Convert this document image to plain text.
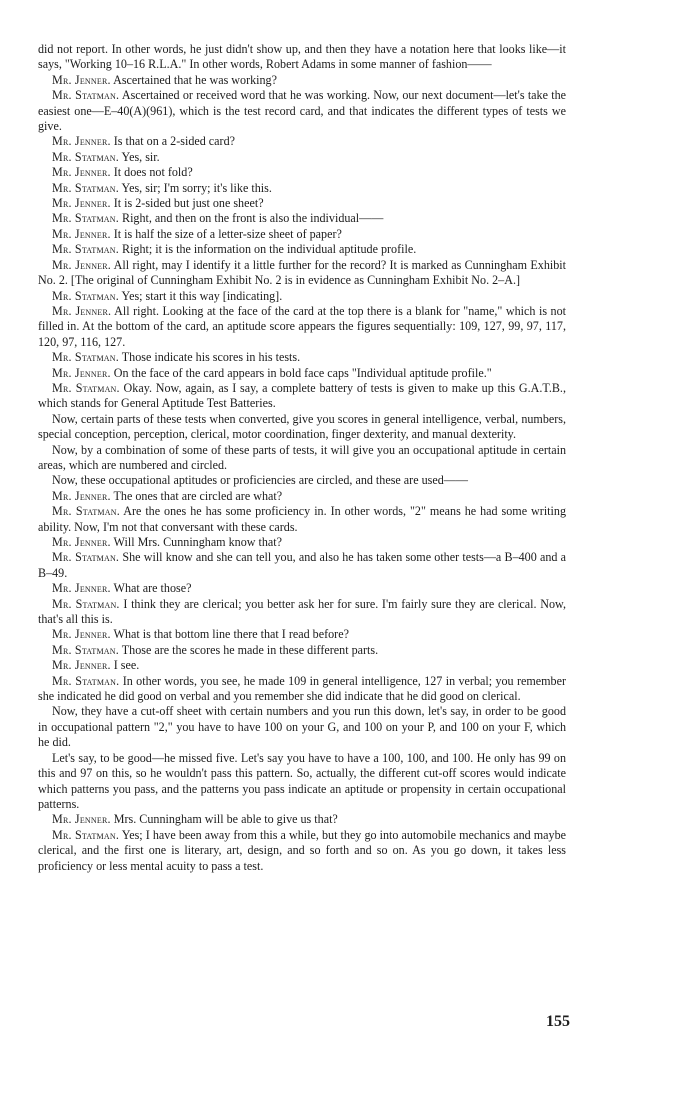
did not report. In other words, he just didn't show up, and then they have a notation here that looks like—it says, "Working 10–16 R.L.A." In other words, Robert Adams in some manner of fashion——

Mr. Jenner. Ascertained that he was working?

Mr. Statman. Ascertained or received word that he was working. Now, our next document—let's take the easiest one—E–40(A)(961), which is the test record card, and that indicates the different types of tests we give.

Mr. Jenner. Is that on a 2-sided card?

Mr. Statman. Yes, sir.

Mr. Jenner. It does not fold?

Mr. Statman. Yes, sir; I'm sorry; it's like this.

Mr. Jenner. It is 2-sided but just one sheet?

Mr. Statman. Right, and then on the front is also the individual——

Mr. Jenner. It is half the size of a letter-size sheet of paper?

Mr. Statman. Right; it is the information on the individual aptitude profile.

Mr. Jenner. All right, may I identify it a little further for the record? It is marked as Cunningham Exhibit No. 2. [The original of Cunningham Exhibit No. 2 is in evidence as Cunningham Exhibit No. 2–A.]

Mr. Statman. Yes; start it this way [indicating].

Mr. Jenner. All right. Looking at the face of the card at the top there is a blank for "name," which is not filled in. At the bottom of the card, an aptitude score appears the figures sequentially: 109, 127, 99, 97, 117, 120, 97, 116, 127.

Mr. Statman. Those indicate his scores in his tests.

Mr. Jenner. On the face of the card appears in bold face caps "Individual aptitude profile."

Mr. Statman. Okay. Now, again, as I say, a complete battery of tests is given to make up this G.A.T.B., which stands for General Aptitude Test Batteries.

Now, certain parts of these tests when converted, give you scores in general intelligence, verbal, numbers, special conception, perception, clerical, motor coordination, finger dexterity, and manual dexterity.

Now, by a combination of some of these parts of tests, it will give you an occupational aptitude in certain areas, which are numbered and circled.

Now, these occupational aptitudes or proficiencies are circled, and these are used——

Mr. Jenner. The ones that are circled are what?

Mr. Statman. Are the ones he has some proficiency in. In other words, "2" means he had some writing ability. Now, I'm not that conversant with these cards.

Mr. Jenner. Will Mrs. Cunningham know that?

Mr. Statman. She will know and she can tell you, and also he has taken some other tests—a B–400 and a B–49.

Mr. Jenner. What are those?

Mr. Statman. I think they are clerical; you better ask her for sure. I'm fairly sure they are clerical. Now, that's all this is.

Mr. Jenner. What is that bottom line there that I read before?

Mr. Statman. Those are the scores he made in these different parts.

Mr. Jenner. I see.

Mr. Statman. In other words, you see, he made 109 in general intelligence, 127 in verbal; you remember she indicated he did good on verbal and you remember she did indicate that he did good on clerical.

Now, they have a cut-off sheet with certain numbers and you run this down, let's say, in order to be good in occupational pattern "2," you have to have 100 on your G, and 100 on your P, and 100 on your F, which he did.

Let's say, to be good—he missed five. Let's say you have to have a 100, 100, and 100. He only has 99 on this and 97 on this, so he wouldn't pass this pattern. So, actually, the different cut-off scores would indicate which patterns you pass, and the patterns you pass indicate an aptitude or propensity in certain occupational patterns.

Mr. Jenner. Mrs. Cunningham will be able to give us that?

Mr. Statman. Yes; I have been away from this a while, but they go into automobile mechanics and maybe clerical, and the first one is literary, art, design, and so forth and so on. As you go down, it takes less proficiency or less mental acuity to pass a test.

155
